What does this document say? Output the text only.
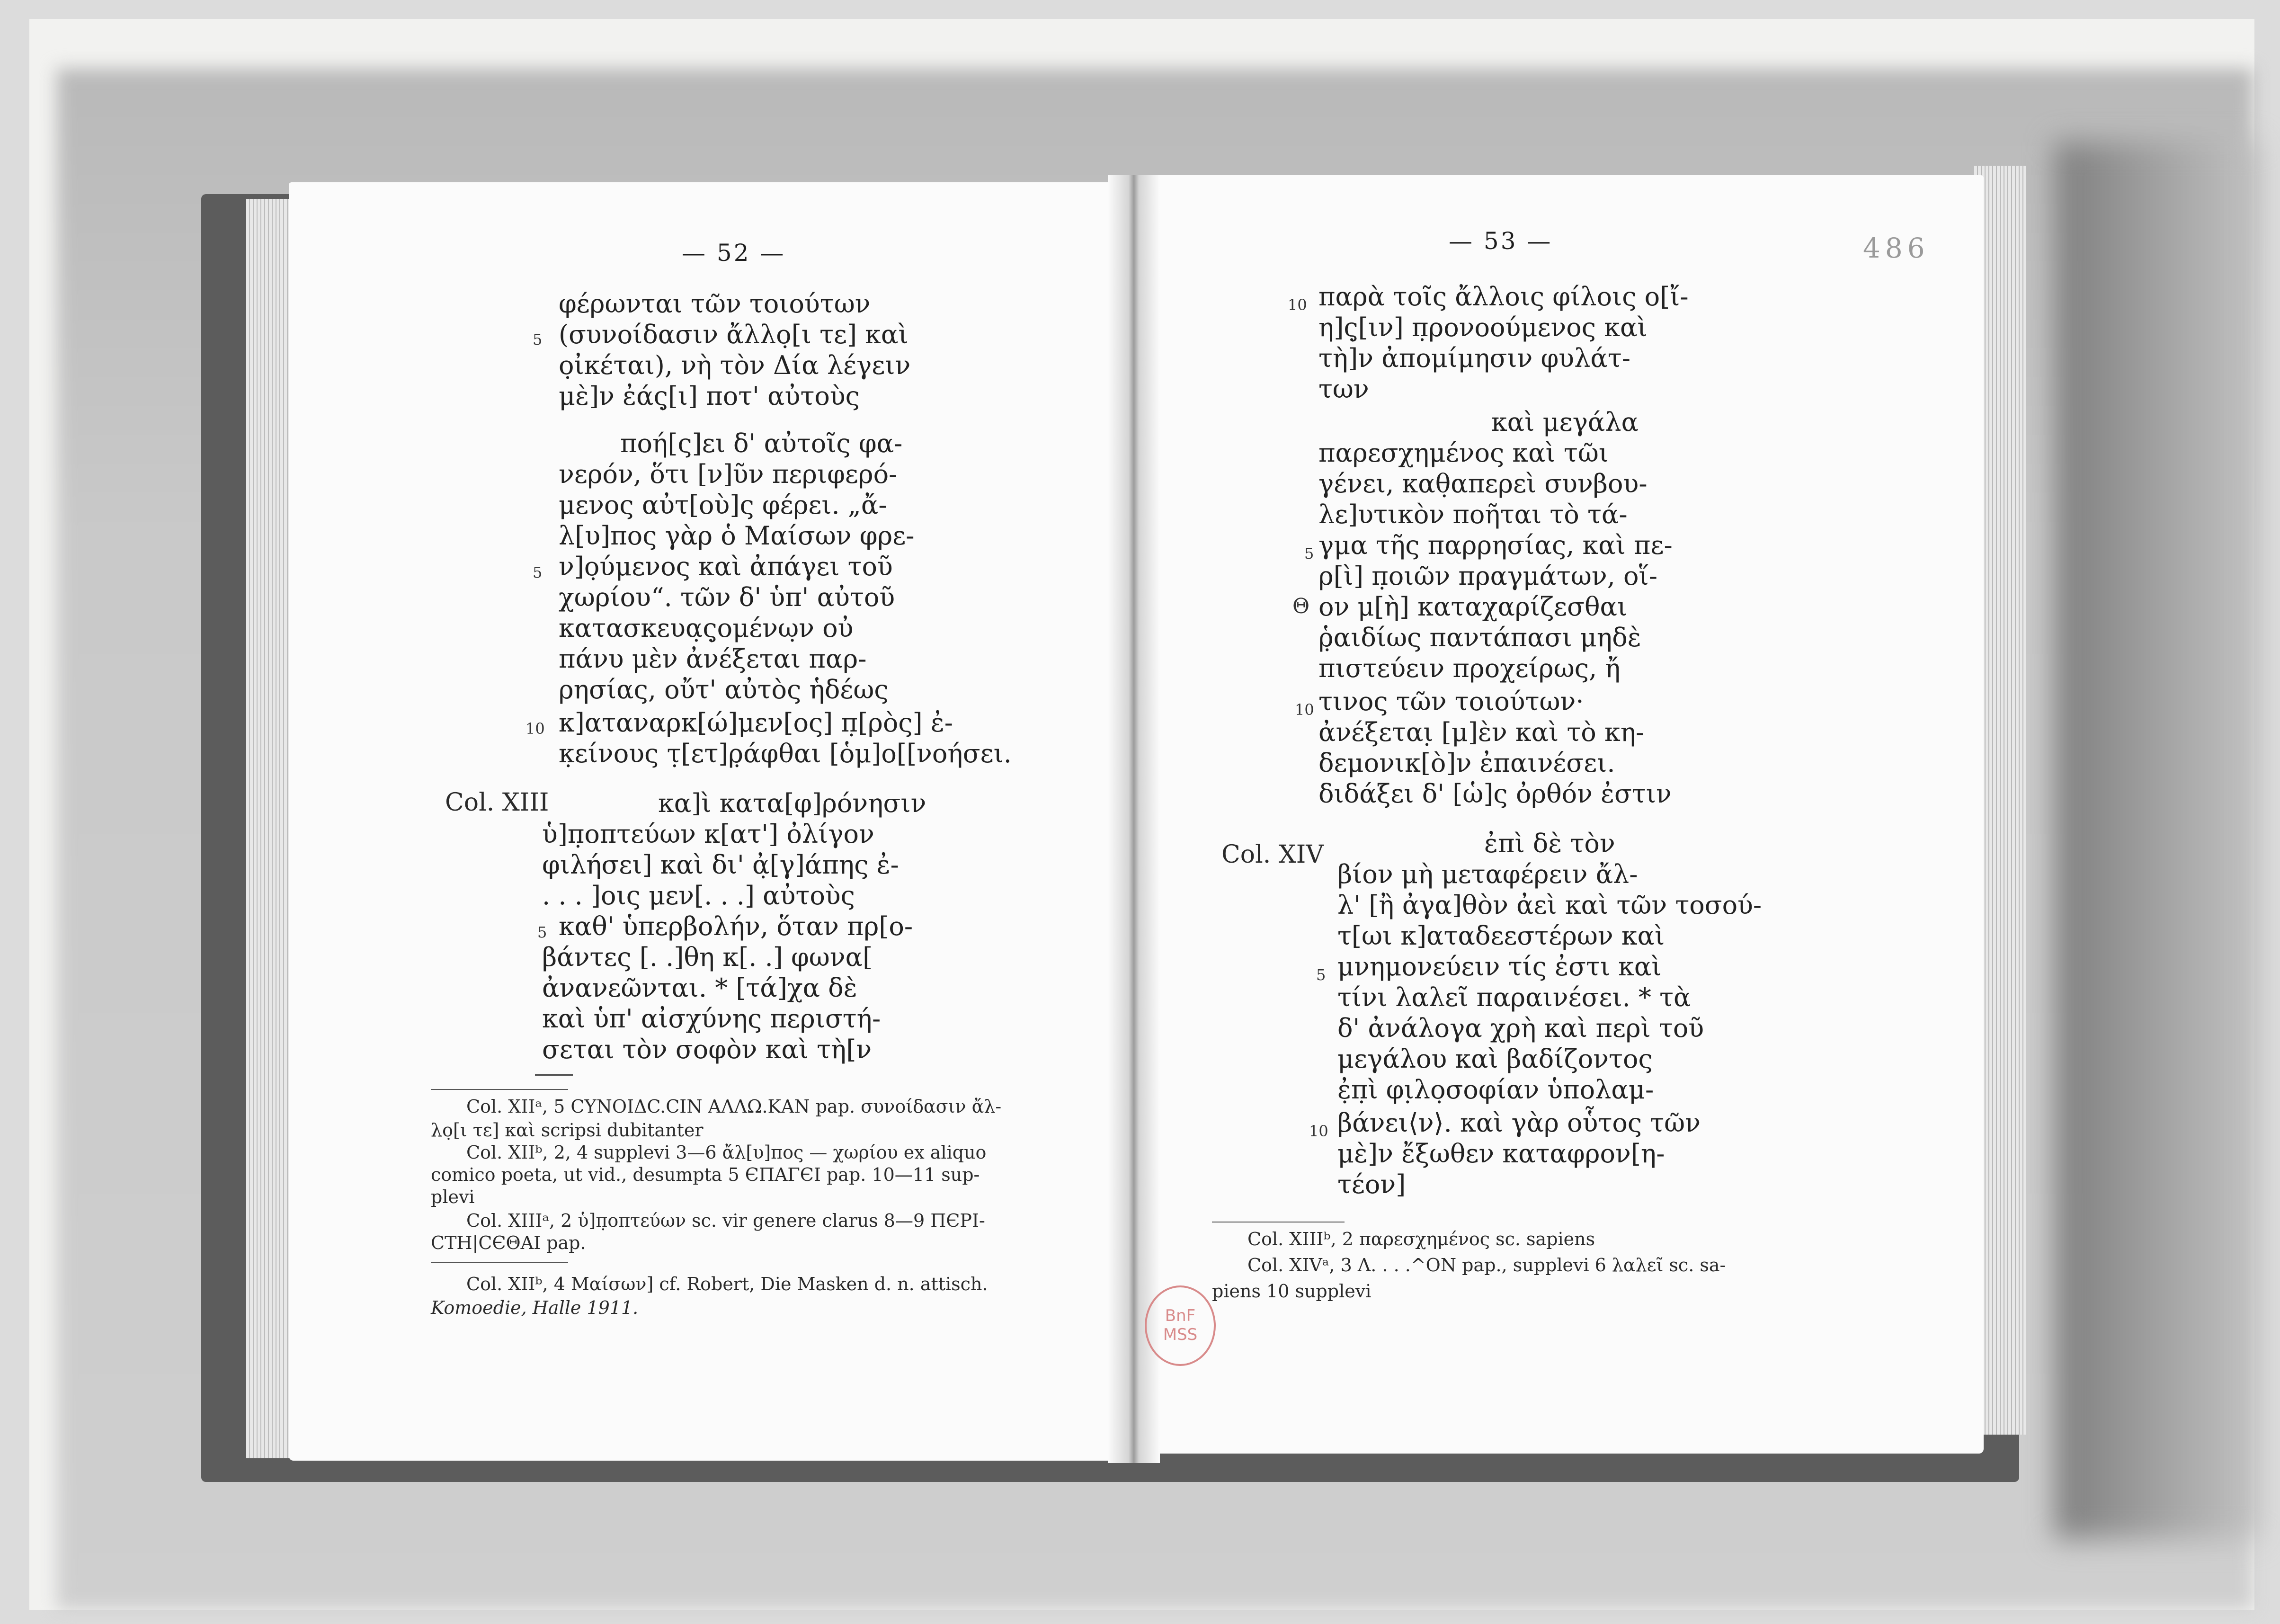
— 52 —
φέρωνται τῶν τοιούτων
5 (συνοίδασιν ἄλλο̣[ι τε] καὶ
ο̣ἰκέται), νὴ τὸν Δία λέγειν
μὲ]ν ἐάς̣[ι] ποτ' αὐτοὺς
ποή[ς]ει δ' αὐτοῖς φα-
νερόν, ὅτι [ν]ῦν περιφερό-
μενος αὐτ[οὺ]ς φέρει. „ἄ-
λ[υ]πος γὰρ ὁ Μαίσων φρε-
5 ν]ο̣ύμενος καὶ ἀπάγει τοῦ
χωρίου“. τῶν δ' ὑπ' αὐτοῦ
κατασκευα̣ς̣ομένω̣ν οὐ
πάνυ μὲν ἀνέξεται παρ-
ρησίας, οὔτ' αὐτὸς ἡδέως
10 κ]αταναρκ[ώ]μεν[ος] π̣[ρὸς] ἐ-
κ̣είνους τ̣[ετ]ρ̣άφθαι [ὁμ]ο[[νοήσει.
Col. XIII	κα]ὶ κατα[φ]ρόνησιν
ὑ]π̣οπτεύων κ[ατ'] ὀλίγον
φιλήσει] καὶ δι' ἀ̣[γ]άπης ἐ-
. . . ]οις μεν[. . .] αὐτοὺς
5 καθ' ὑπερβολήν, ὅταν πρ[ο-
βάντες [. .]θη κ[. .] φωνα[
ἀνανεῶνται. * [τά]χα δὲ
καὶ ὑπ' αἰσχύνης περιστή-
σεται τὸν σοφὸν καὶ τὴ[ν
Col. XIIᵃ, 5 CYNOIΔC.CIN ΑΛΛΩ.ΚΑΝ pap. συνοίδασιν ἄλ-
λο̣[ι τε] καὶ scripsi dubitanter
Col. XIIᵇ, 2, 4 supplevi 3—6 ἄλ[υ]πος — χωρίου ex aliquo
comico poeta, ut vid., desumpta 5 ЄΠΑΓЄΙ pap. 10—11 sup-
plevi
Col. XIIIᵃ, 2 ὑ]π̣οπτεύων sc. vir genere clarus 8—9 ΠЄΡΙ-
CTH|CЄΘΑΙ pap.
Col. XIIᵇ, 4 Μαίσων] cf. Robert, Die Masken d. n. attisch.
Komoedie, Halle 1911.
— 53 —	486
10 παρὰ τοῖς ἄλλοις φίλοις ο[ἴ-
η]ς̣[ιν] π̣ρονοούμενος καὶ
τὴ]ν ἀπομίμησιν φυλάτ-
των
καὶ μεγάλα
παρεσχημένος καὶ τῶι
γένει, καθ̣απερεὶ συνβου-
λε]υτικὸν ποῆται τὸ τά-
5 γμα τῆς παρρησίας, καὶ πε-
ρ[ὶ] π̣οιῶν πραγμάτων, οἵ-
Θ ον μ[ὴ] καταχαρίζεσθαι
ῥ̣αιδίως παντάπασι μηδὲ
πιστεύειν προχείρως, ἤ
10 τινος τῶν τοιούτων·
ἀνέξεται̣ [μ]ὲν καὶ τὸ κη-
δεμονικ[ὸ]ν ἐπαινέσει.
διδάξει δ' [ὡ]ς ὀρθόν ἐστιν
Col. XIV	ἐπὶ δὲ τὸν
βίον μὴ μεταφέρειν ἄλ-
λ' [ἢ ἀγα]θὸν ἀεὶ καὶ τῶν τοσού-
τ[ωι κ]αταδεεστέρων καὶ
5 μνημονεύειν τίς ἐστι καὶ
τίνι λαλεῖ παραινέσει. * τὰ
δ' ἀνάλογα χρὴ καὶ περὶ τοῦ
μεγάλου καὶ βαδίζοντος
ἐ̣π̣ὶ φι̣λο̣σοφίαν ὑπολαμ-
10 βάνει⟨ν⟩. καὶ γὰρ οὗτος τῶν
μὲ]ν ἔξωθεν καταφρον[η-
τέον]
Col. XIIIᵇ, 2 παρεσχημένος sc. sapiens
Col. XIVᵃ, 3 Λ. . . .^ΟΝ pap., supplevi 6 λαλεῖ sc. sa-
piens 10 supplevi
BnF
MSS
